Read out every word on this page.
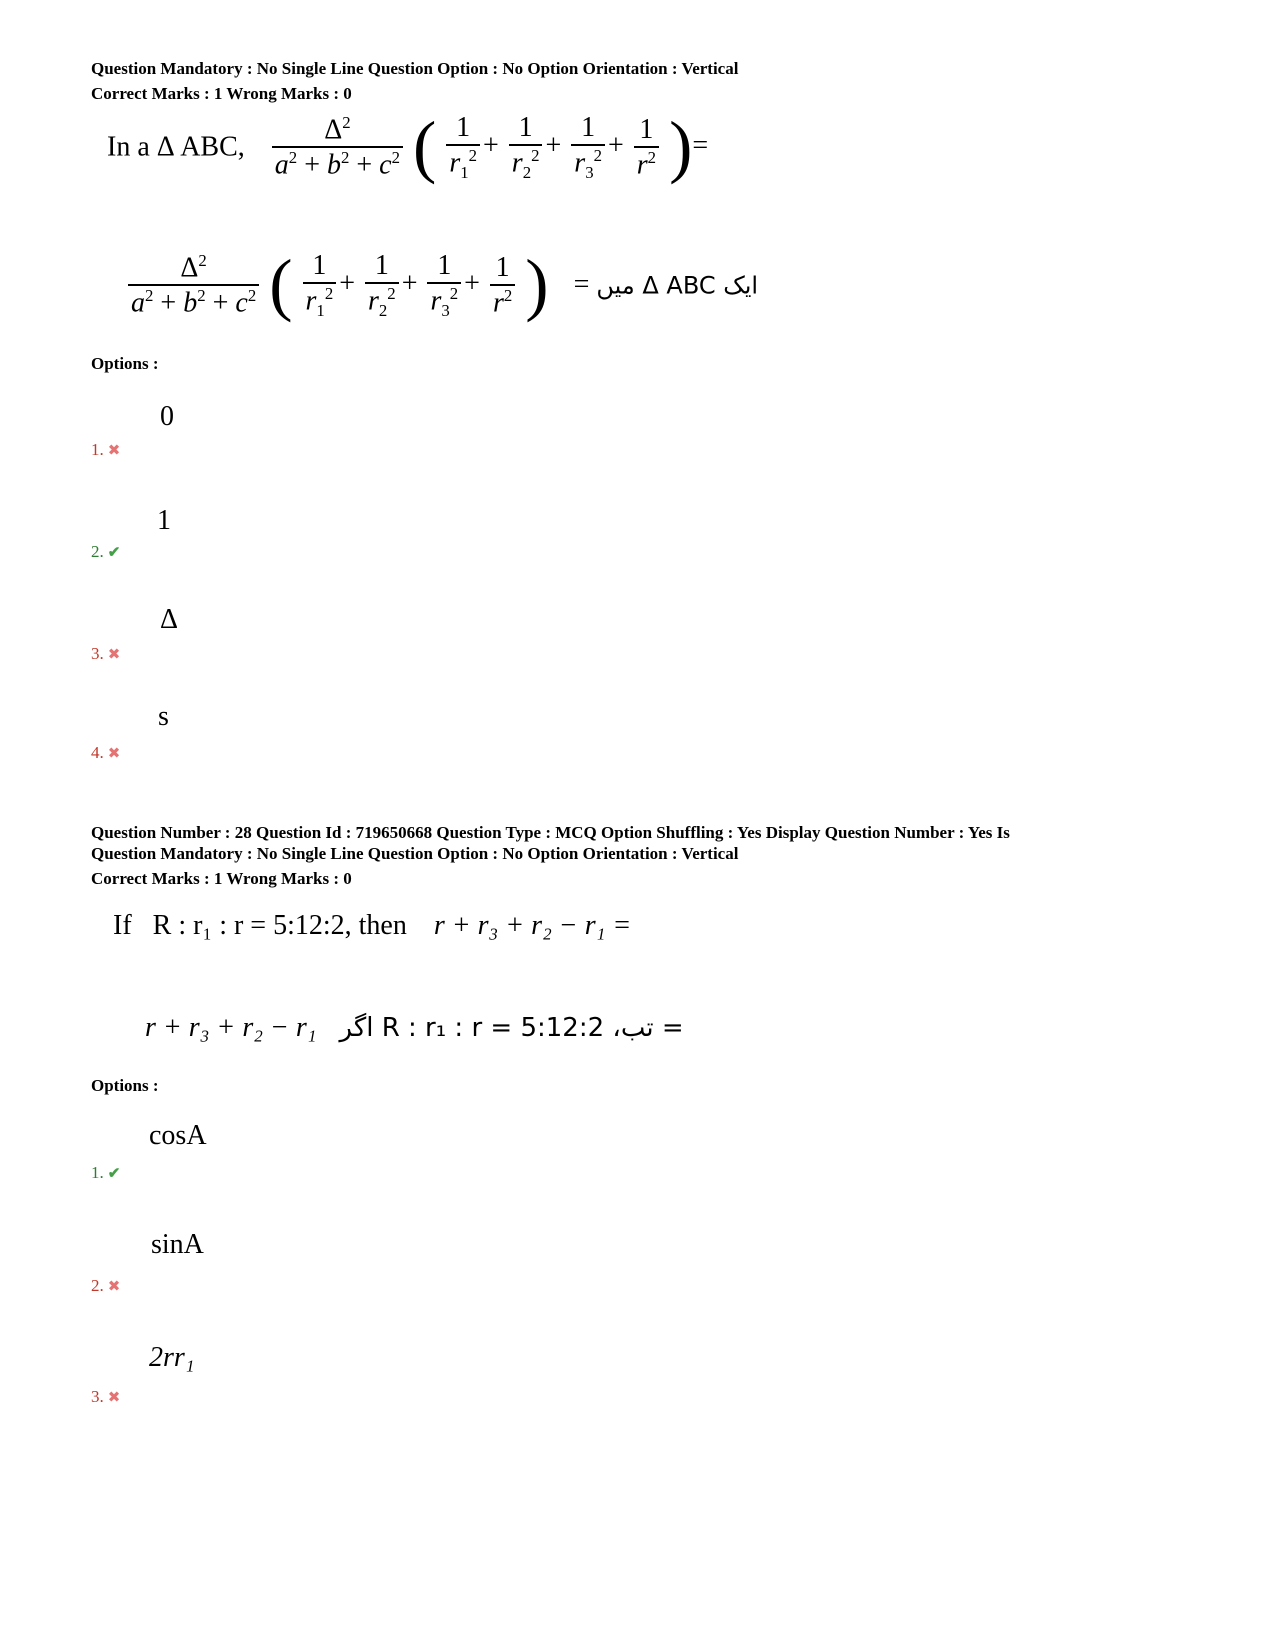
Question Mandatory : No Single Line Question Option : No Option Orientation : Vertical
Correct Marks : 1 Wrong Marks : 0
In a Δ ABC, $\frac{\Delta^2}{a^2 + b^2 + c^2}$ ( $\frac{1}{r_1^2} + \frac{1}{r_2^2} + \frac{1}{r_3^2} + \frac{1}{r^2}$ )=
$\frac{\Delta^2}{a^2 + b^2 + c^2}$ ( $\frac{1}{r_1^2} + \frac{1}{r_2^2} + \frac{1}{r_3^2} + \frac{1}{r^2}$ ) = ایک Δ ABC میں
Options :
0
1. ✖
1
2. ✔
Δ
3. ✖
s
4. ✖
Question Number : 28 Question Id : 719650668 Question Type : MCQ Option Shuffling : Yes Display Question Number : Yes Is
Question Mandatory : No Single Line Question Option : No Option Orientation : Vertical
Correct Marks : 1 Wrong Marks : 0
If R : r₁ : r = 5:12:2, then r + r₃ + r₂ − r₁ =
r + r₃ + r₂ − r₁ = تب، R : r₁ : r = 5:12:2 اگر
Options :
cosA
1. ✔
sinA
2. ✖
2rr₁
3. ✖
